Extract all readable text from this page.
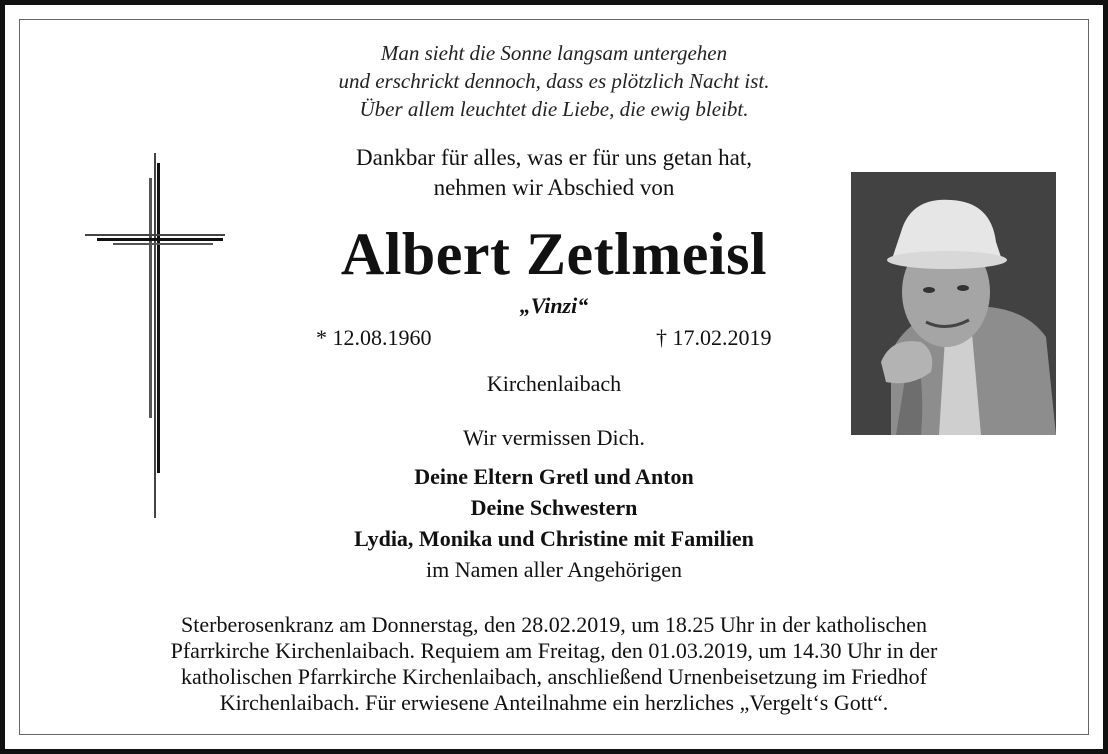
Man sieht die Sonne langsam untergehen
und erschrickt dennoch, dass es plötzlich Nacht ist.
Über allem leuchtet die Liebe, die ewig bleibt.
Dankbar für alles, was er für uns getan hat,
nehmen wir Abschied von
Albert Zetlmeisl
„Vinzi“
* 12.08.1960	† 17.02.2019
Kirchenlaibach
Wir vermissen Dich.
Deine Eltern Gretl und Anton
Deine Schwestern
Lydia, Monika und Christine mit Familien
im Namen aller Angehörigen
Sterberosenkranz am Donnerstag, den 28.02.2019, um 18.25 Uhr in der katholischen
Pfarrkirche Kirchenlaibach. Requiem am Freitag, den 01.03.2019, um 14.30 Uhr in der
katholischen Pfarrkirche Kirchenlaibach, anschließend Urnenbeisetzung im Friedhof
Kirchenlaibach. Für erwiesene Anteilnahme ein herzliches „Vergelt‘s Gott“.
